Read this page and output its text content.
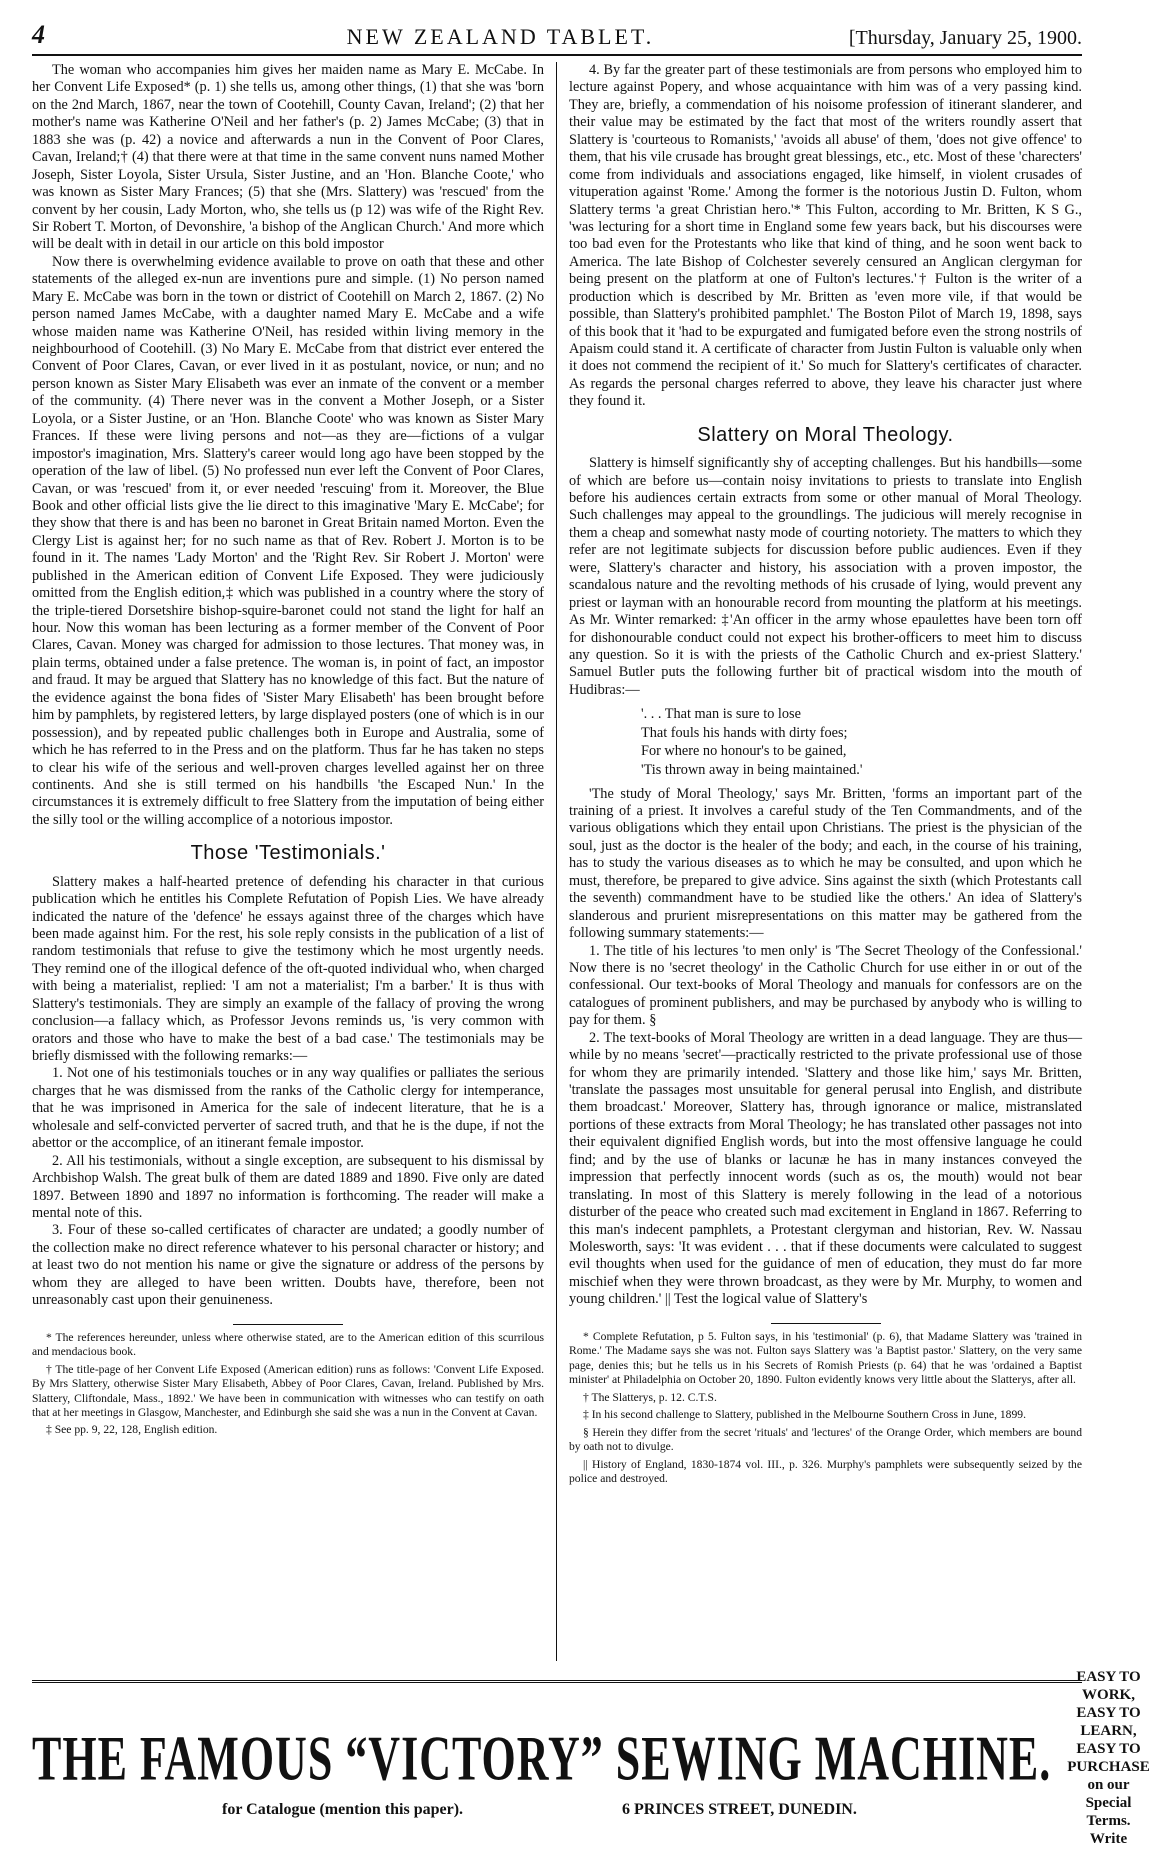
4	NEW ZEALAND TABLET.	[Thursday, January 25, 1900.

The woman who accompanies him gives her maiden name as Mary E. McCabe. In her Convent Life Exposed* (p. 1) she tells us, among other things, (1) that she was 'born on the 2nd March, 1867, near the town of Cootehill, County Cavan, Ireland'; (2) that her mother's name was Katherine O'Neil and her father's (p. 2) James McCabe; (3) that in 1883 she was (p. 42) a novice and afterwards a nun in the Convent of Poor Clares, Cavan, Ireland;† (4) that there were at that time in the same convent nuns named Mother Joseph, Sister Loyola, Sister Ursula, Sister Justine, and an 'Hon. Blanche Coote,' who was known as Sister Mary Frances; (5) that she (Mrs. Slattery) was 'rescued' from the convent by her cousin, Lady Morton, who, she tells us (p 12) was wife of the Right Rev. Sir Robert T. Morton, of Devonshire, 'a bishop of the Anglican Church.' And more which will be dealt with in detail in our article on this bold impostor

Now there is overwhelming evidence available to prove on oath that these and other statements of the alleged ex-nun are inventions pure and simple. (1) No person named Mary E. McCabe was born in the town or district of Cootehill on March 2, 1867. (2) No person named James McCabe, with a daughter named Mary E. McCabe and a wife whose maiden name was Katherine O'Neil, has resided within living memory in the neighbourhood of Cootehill. (3) No Mary E. McCabe from that district ever entered the Convent of Poor Clares, Cavan, or ever lived in it as postulant, novice, or nun; and no person known as Sister Mary Elisabeth was ever an inmate of the convent or a member of the community. (4) There never was in the convent a Mother Joseph, or a Sister Loyola, or a Sister Justine, or an 'Hon. Blanche Coote' who was known as Sister Mary Frances. If these were living persons and not—as they are—fictions of a vulgar impostor's imagination, Mrs. Slattery's career would long ago have been stopped by the operation of the law of libel. (5) No professed nun ever left the Convent of Poor Clares, Cavan, or was 'rescued' from it, or ever needed 'rescuing' from it. Moreover, the Blue Book and other official lists give the lie direct to this imaginative 'Mary E. McCabe'; for they show that there is and has been no baronet in Great Britain named Morton. Even the Clergy List is against her; for no such name as that of Rev. Robert J. Morton is to be found in it. The names 'Lady Morton' and the 'Right Rev. Sir Robert J. Morton' were published in the American edition of Convent Life Exposed. They were judiciously omitted from the English edition,‡ which was published in a country where the story of the triple-tiered Dorsetshire bishop-squire-baronet could not stand the light for half an hour. Now this woman has been lecturing as a former member of the Convent of Poor Clares, Cavan. Money was charged for admission to those lectures. That money was, in plain terms, obtained under a false pretence. The woman is, in point of fact, an impostor and fraud. It may be argued that Slattery has no knowledge of this fact. But the nature of the evidence against the bona fides of 'Sister Mary Elisabeth' has been brought before him by pamphlets, by registered letters, by large displayed posters (one of which is in our possession), and by repeated public challenges both in Europe and Australia, some of which he has referred to in the Press and on the platform. Thus far he has taken no steps to clear his wife of the serious and well-proven charges levelled against her on three continents. And she is still termed on his handbills 'the Escaped Nun.' In the circumstances it is extremely difficult to free Slattery from the imputation of being either the silly tool or the willing accomplice of a notorious impostor.

Those 'Testimonials.'

Slattery makes a half-hearted pretence of defending his character in that curious publication which he entitles his Complete Refutation of Popish Lies. We have already indicated the nature of the 'defence' he essays against three of the charges which have been made against him. For the rest, his sole reply consists in the publication of a list of random testimonials that refuse to give the testimony which he most urgently needs. They remind one of the illogical defence of the oft-quoted individual who, when charged with being a materialist, replied: 'I am not a materialist; I'm a barber.' It is thus with Slattery's testimonials. They are simply an example of the fallacy of proving the wrong conclusion—a fallacy which, as Professor Jevons reminds us, 'is very common with orators and those who have to make the best of a bad case.' The testimonials may be briefly dismissed with the following remarks:—

1. Not one of his testimonials touches or in any way qualifies or palliates the serious charges that he was dismissed from the ranks of the Catholic clergy for intemperance, that he was imprisoned in America for the sale of indecent literature, that he is a wholesale and self-convicted perverter of sacred truth, and that he is the dupe, if not the abettor or the accomplice, of an itinerant female impostor.

2. All his testimonials, without a single exception, are subsequent to his dismissal by Archbishop Walsh. The great bulk of them are dated 1889 and 1890. Five only are dated 1897. Between 1890 and 1897 no information is forthcoming. The reader will make a mental note of this.

3. Four of these so-called certificates of character are undated; a goodly number of the collection make no direct reference whatever to his personal character or history; and at least two do not mention his name or give the signature or address of the persons by whom they are alleged to have been written. Doubts have, therefore, been not unreasonably cast upon their genuineness.

* The references hereunder, unless where otherwise stated, are to the American edition of this scurrilous and mendacious book.

† The title-page of her Convent Life Exposed (American edition) runs as follows: 'Convent Life Exposed. By Mrs Slattery, otherwise Sister Mary Elisabeth, Abbey of Poor Clares, Cavan, Ireland. Published by Mrs. Slattery, Cliftondale, Mass., 1892.' We have been in communication with witnesses who can testify on oath that at her meetings in Glasgow, Manchester, and Edinburgh she said she was a nun in the Convent at Cavan.

‡ See pp. 9, 22, 128, English edition.

4. By far the greater part of these testimonials are from persons who employed him to lecture against Popery, and whose acquaintance with him was of a very passing kind. They are, briefly, a commendation of his noisome profession of itinerant slanderer, and their value may be estimated by the fact that most of the writers roundly assert that Slattery is 'courteous to Romanists,' 'avoids all abuse' of them, 'does not give offence' to them, that his vile crusade has brought great blessings, etc., etc. Most of these 'charecters' come from individuals and associations engaged, like himself, in violent crusades of vituperation against 'Rome.' Among the former is the notorious Justin D. Fulton, whom Slattery terms 'a great Christian hero.'* This Fulton, according to Mr. Britten, K S G., 'was lecturing for a short time in England some few years back, but his discourses were too bad even for the Protestants who like that kind of thing, and he soon went back to America. The late Bishop of Colchester severely censured an Anglican clergyman for being present on the platform at one of Fulton's lectures.'† Fulton is the writer of a production which is described by Mr. Britten as 'even more vile, if that would be possible, than Slattery's prohibited pamphlet.' The Boston Pilot of March 19, 1898, says of this book that it 'had to be expurgated and fumigated before even the strong nostrils of Apaism could stand it. A certificate of character from Justin Fulton is valuable only when it does not commend the recipient of it.' So much for Slattery's certificates of character. As regards the personal charges referred to above, they leave his character just where they found it.

Slattery on Moral Theology.

Slattery is himself significantly shy of accepting challenges. But his handbills—some of which are before us—contain noisy invitations to priests to translate into English before his audiences certain extracts from some or other manual of Moral Theology. Such challenges may appeal to the groundlings. The judicious will merely recognise in them a cheap and somewhat nasty mode of courting notoriety. The matters to which they refer are not legitimate subjects for discussion before public audiences. Even if they were, Slattery's character and history, his association with a proven impostor, the scandalous nature and the revolting methods of his crusade of lying, would prevent any priest or layman with an honourable record from mounting the platform at his meetings. As Mr. Winter remarked: ‡'An officer in the army whose epaulettes have been torn off for dishonourable conduct could not expect his brother-officers to meet him to discuss any question. So it is with the priests of the Catholic Church and ex-priest Slattery.' Samuel Butler puts the following further bit of practical wisdom into the mouth of Hudibras:—

'. . . That man is sure to lose
That fouls his hands with dirty foes;
For where no honour's to be gained,
'Tis thrown away in being maintained.'

'The study of Moral Theology,' says Mr. Britten, 'forms an important part of the training of a priest. It involves a careful study of the Ten Commandments, and of the various obligations which they entail upon Christians. The priest is the physician of the soul, just as the doctor is the healer of the body; and each, in the course of his training, has to study the various diseases as to which he may be consulted, and upon which he must, therefore, be prepared to give advice. Sins against the sixth (which Protestants call the seventh) commandment have to be studied like the others.' An idea of Slattery's slanderous and prurient misrepresentations on this matter may be gathered from the following summary statements:—

1. The title of his lectures 'to men only' is 'The Secret Theology of the Confessional.' Now there is no 'secret theology' in the Catholic Church for use either in or out of the confessional. Our text-books of Moral Theology and manuals for confessors are on the catalogues of prominent publishers, and may be purchased by anybody who is willing to pay for them. §

2. The text-books of Moral Theology are written in a dead language. They are thus—while by no means 'secret'—practically restricted to the private professional use of those for whom they are primarily intended. 'Slattery and those like him,' says Mr. Britten, 'translate the passages most unsuitable for general perusal into English, and distribute them broadcast.' Moreover, Slattery has, through ignorance or malice, mistranslated portions of these extracts from Moral Theology; he has translated other passages not into their equivalent dignified English words, but into the most offensive language he could find; and by the use of blanks or lacunæ he has in many instances conveyed the impression that perfectly innocent words (such as os, the mouth) would not bear translating. In most of this Slattery is merely following in the lead of a notorious disturber of the peace who created such mad excitement in England in 1867. Referring to this man's indecent pamphlets, a Protestant clergyman and historian, Rev. W. Nassau Molesworth, says: 'It was evident . . . that if these documents were calculated to suggest evil thoughts when used for the guidance of men of education, they must do far more mischief when they were thrown broadcast, as they were by Mr. Murphy, to women and young children.' || Test the logical value of Slattery's

* Complete Refutation, p 5. Fulton says, in his 'testimonial' (p. 6), that Madame Slattery was 'trained in Rome.' The Madame says she was not. Fulton says Slattery was 'a Baptist pastor.' Slattery, on the very same page, denies this; but he tells us in his Secrets of Romish Priests (p. 64) that he was 'ordained a Baptist minister' at Philadelphia on October 20, 1890. Fulton evidently knows very little about the Slatterys, after all.

† The Slatterys, p. 12. C.T.S.

‡ In his second challenge to Slattery, published in the Melbourne Southern Cross in June, 1899.

§ Herein they differ from the secret 'rituals' and 'lectures' of the Orange Order, which members are bound by oath not to divulge.

|| History of England, 1830-1874 vol. III., p. 326. Murphy's pamphlets were subsequently seized by the police and destroyed.

THE FAMOUS “VICTORY” SEWING MACHINE.
EASY TO WORK, EASY TO LEARN, EASY TO PURCHASE on our Special Terms. Write
for Catalogue (mention this paper).	6 PRINCES STREET, DUNEDIN.
